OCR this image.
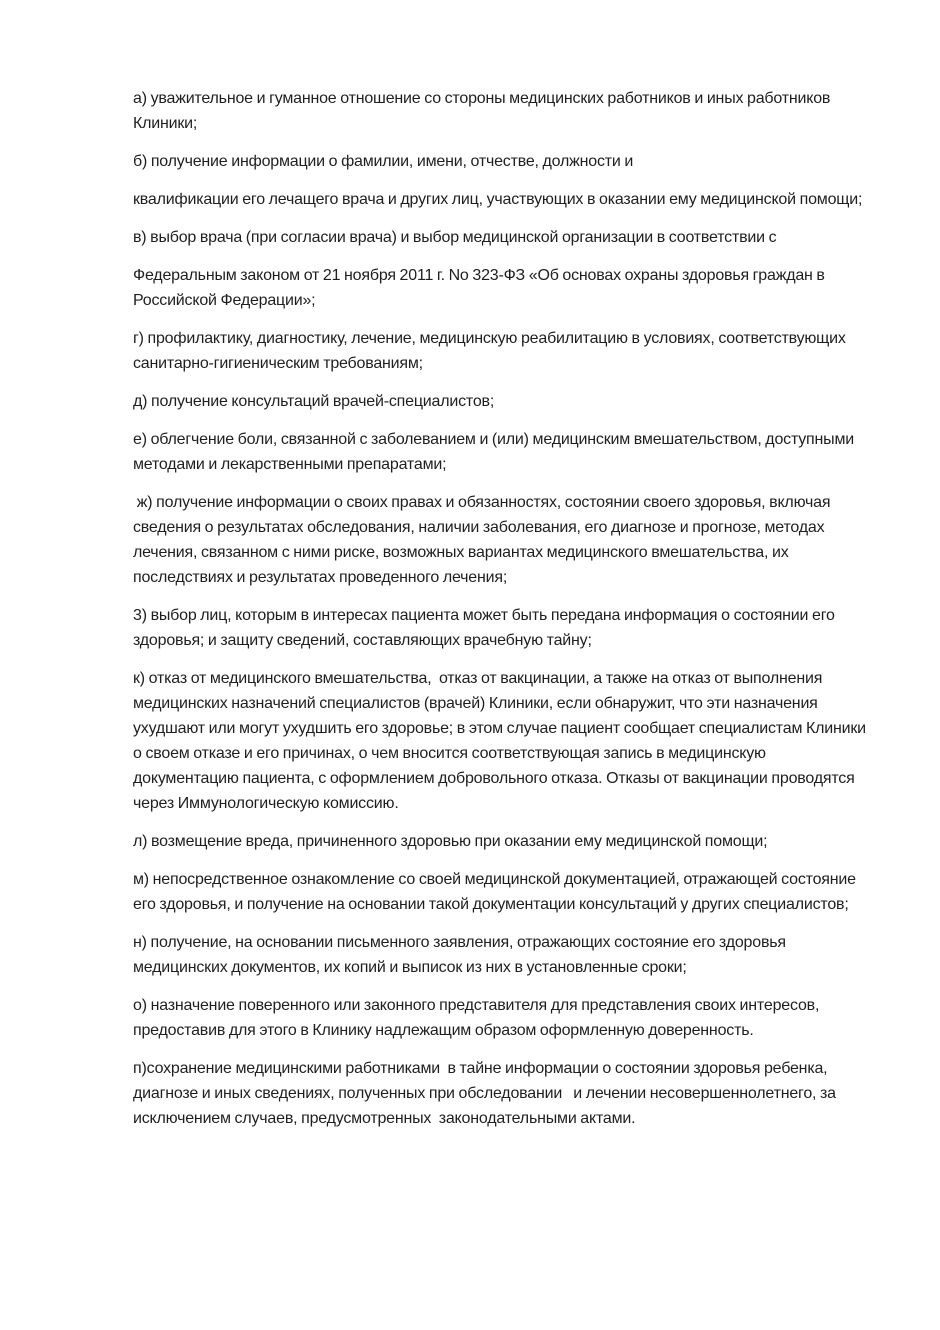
а) уважительное и гуманное отношение со стороны медицинских работников и иных работников Клиники;

б) получение информации о фамилии, имени, отчестве, должности и

квалификации его лечащего врача и других лиц, участвующих в оказании ему медицинской помощи;

в) выбор врача (при согласии врача) и выбор медицинской организации в соответствии с

Федеральным законом от 21 ноября 2011 г. No 323-ФЗ «Об основах охраны здоровья граждан в Российской Федерации»;

г) профилактику, диагностику, лечение, медицинскую реабилитацию в условиях, соответствующих санитарно-гигиеническим требованиям;

д) получение консультаций врачей-специалистов;

е) облегчение боли, связанной с заболеванием и (или) медицинским вмешательством, доступными методами и лекарственными препаратами;

ж) получение информации о своих правах и обязанностях, состоянии своего здоровья, включая сведения о результатах обследования, наличии заболевания, его диагнозе и прогнозе, методах лечения, связанном с ними риске, возможных вариантах медицинского вмешательства, их последствиях и результатах проведенного лечения;

3) выбор лиц, которым в интересах пациента может быть передана информация о состоянии его здоровья; и защиту сведений, составляющих врачебную тайну;

к) отказ от медицинского вмешательства,  отказ от вакцинации, а также на отказ от выполнения медицинских назначений специалистов (врачей) Клиники, если обнаружит, что эти назначения ухудшают или могут ухудшить его здоровье; в этом случае пациент сообщает специалистам Клиники о своем отказе и его причинах, о чем вносится соответствующая запись в медицинскую документацию пациента, с оформлением добровольного отказа. Отказы от вакцинации проводятся через Иммунологическую комиссию.

л) возмещение вреда, причиненного здоровью при оказании ему медицинской помощи;

м) непосредственное ознакомление со своей медицинской документацией, отражающей состояние его здоровья, и получение на основании такой документации консультаций у других специалистов;

н) получение, на основании письменного заявления, отражающих состояние его здоровья медицинских документов, их копий и выписок из них в установленные сроки;

о) назначение поверенного или законного представителя для представления своих интересов, предоставив для этого в Клинику надлежащим образом оформленную доверенность.

п)сохранение медицинскими работниками  в тайне информации о состоянии здоровья ребенка, диагнозе и иных сведениях, полученных при обследовании   и лечении несовершеннолетнего, за исключением случаев, предусмотренных  законодательными актами.
